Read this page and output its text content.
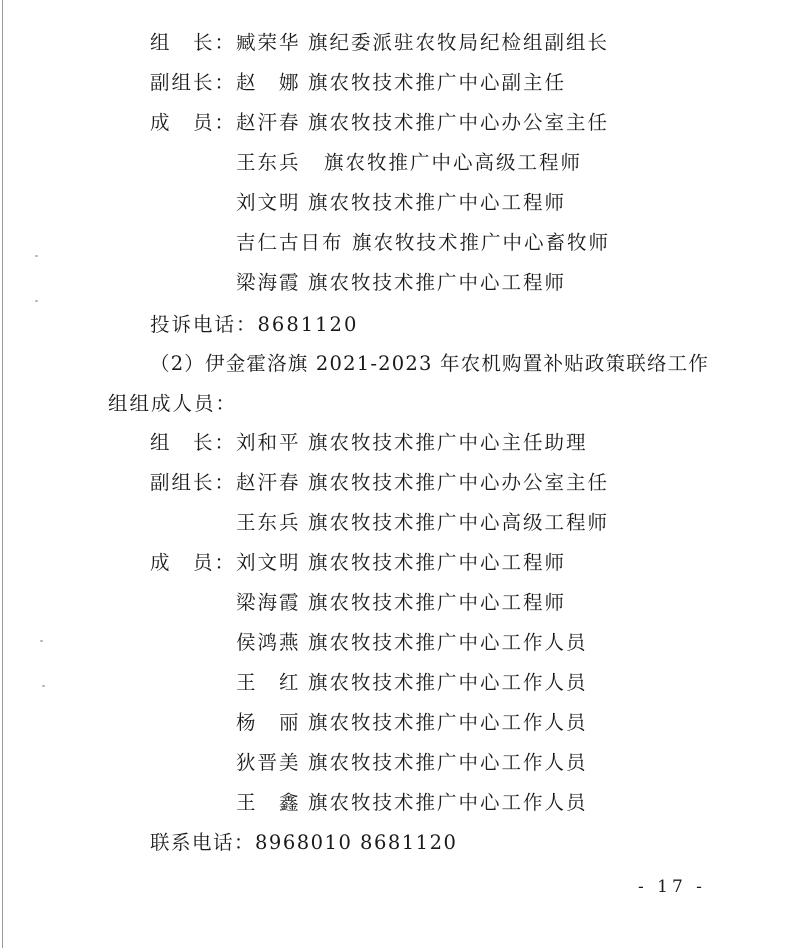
组　长： 臧荣华 旗纪委派驻农牧局纪检组副组长
副组长： 赵　娜 旗农牧技术推广中心副主任
成　员： 赵汗春 旗农牧技术推广中心办公室主任
王东兵 旗农牧推广中心高级工程师
刘文明 旗农牧技术推广中心工程师
吉仁古日布 旗农牧技术推广中心畜牧师
梁海霞 旗农牧技术推广中心工程师
投诉电话：8681120
（2）伊金霍洛旗 2021-2023 年农机购置补贴政策联络工作
组组成人员：
组　长： 刘和平 旗农牧技术推广中心主任助理
副组长： 赵汗春 旗农牧技术推广中心办公室主任
王东兵 旗农牧技术推广中心高级工程师
成　员： 刘文明 旗农牧技术推广中心工程师
梁海霞 旗农牧技术推广中心工程师
侯鸿燕 旗农牧技术推广中心工作人员
王　红 旗农牧技术推广中心工作人员
杨　丽 旗农牧技术推广中心工作人员
狄晋美 旗农牧技术推广中心工作人员
王　鑫 旗农牧技术推广中心工作人员
联系电话：8968010 8681120
- 17 -
